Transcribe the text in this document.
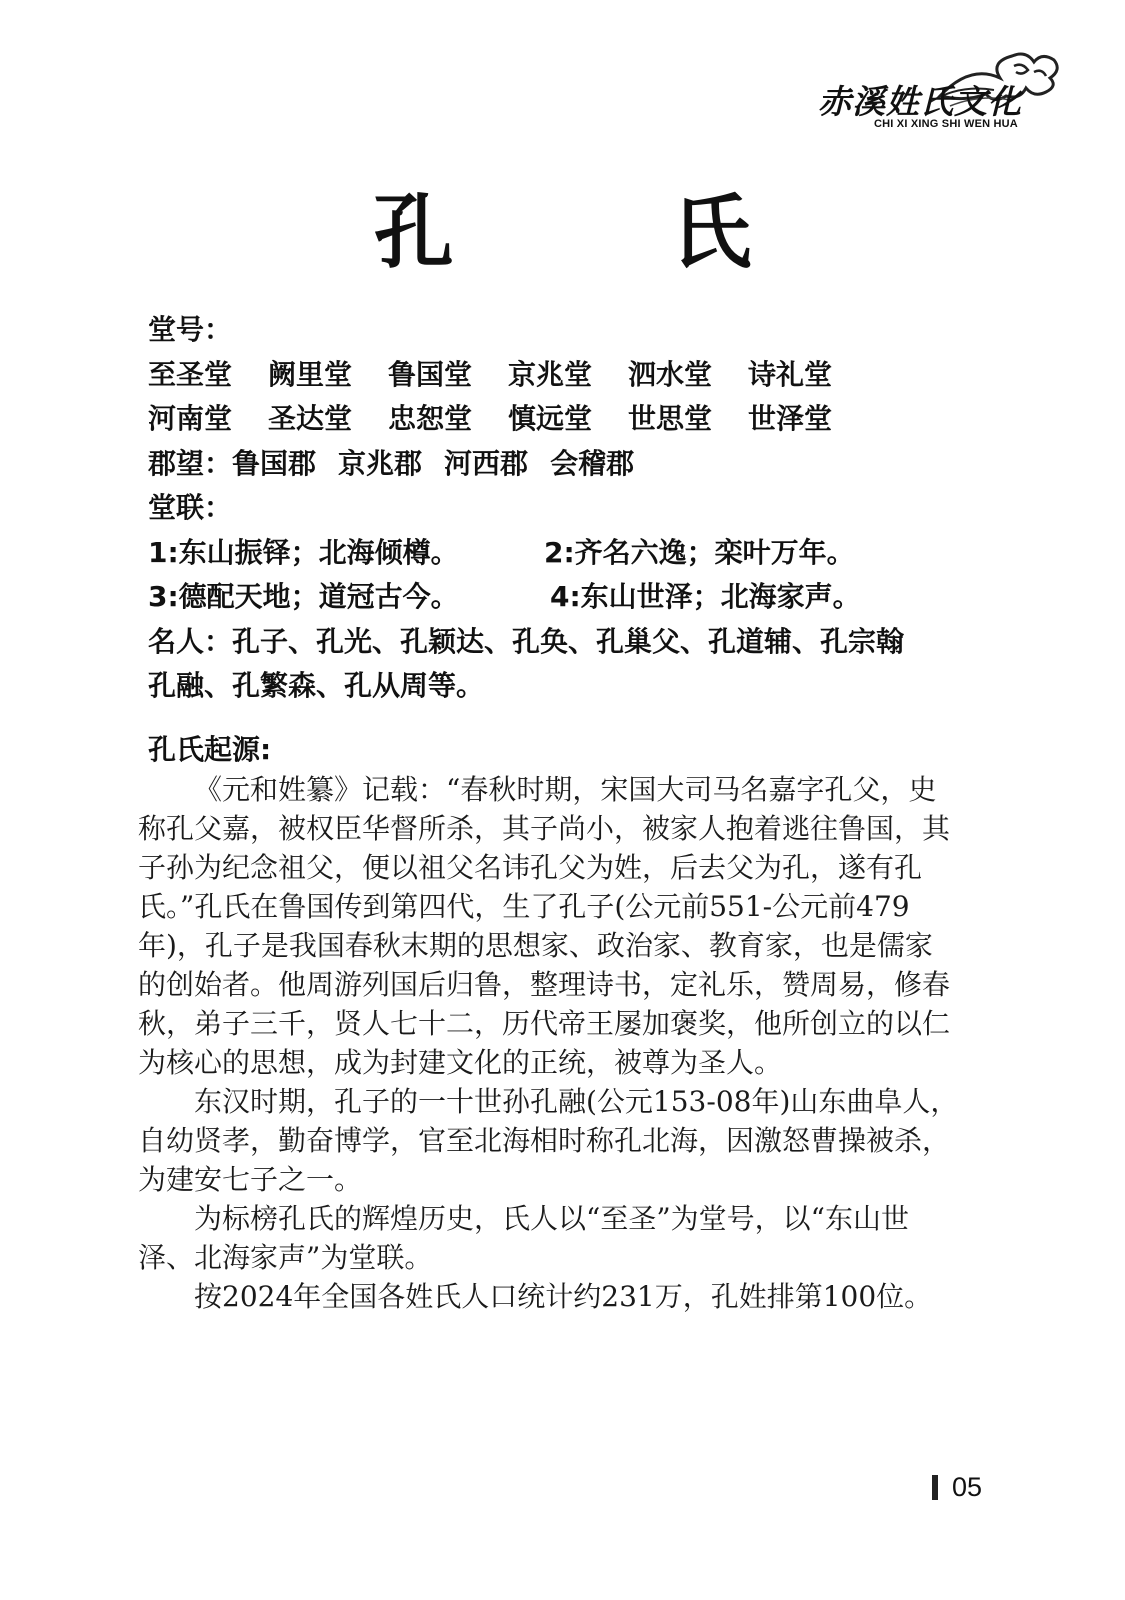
赤溪姓氏文化
CHI XI XING SHI WEN HUA
孔 氏
堂号：
至圣堂 阙里堂 鲁国堂 京兆堂 泗水堂 诗礼堂
河南堂 圣达堂 忠恕堂 慎远堂 世思堂 世泽堂
郡望：鲁国郡 京兆郡 河西郡 会稽郡
堂联：
1:东山振铎；北海倾樽。	2:齐名六逸；栾叶万年。
3:德配天地；道冠古今。	4:东山世泽；北海家声。
名人：孔子、孔光、孔颖达、孔奂、孔巢父、孔道辅、孔宗翰
孔融、孔繁森、孔从周等。
孔氏起源:

《元和姓纂》记载：“春秋时期，宋国大司马名嘉字孔父，史
称孔父嘉，被权臣华督所杀，其子尚小，被家人抱着逃往鲁国，其
子孙为纪念祖父，便以祖父名讳孔父为姓，后去父为孔，遂有孔
氏。”孔氏在鲁国传到第四代，生了孔子(公元前551-公元前479
年)，孔子是我国春秋末期的思想家、政治家、教育家，也是儒家
的创始者。他周游列国后归鲁，整理诗书，定礼乐，赞周易，修春
秋，弟子三千，贤人七十二，历代帝王屡加褒奖，他所创立的以仁
为核心的思想，成为封建文化的正统，被尊为圣人。

东汉时期，孔子的一十世孙孔融(公元153-08年)山东曲阜人，
自幼贤孝，勤奋博学，官至北海相时称孔北海，因激怒曹操被杀，
为建安七子之一。

为标榜孔氏的辉煌历史，氏人以“至圣”为堂号，以“东山世
泽、北海家声”为堂联。

按2024年全国各姓氏人口统计约231万，孔姓排第100位。

05
